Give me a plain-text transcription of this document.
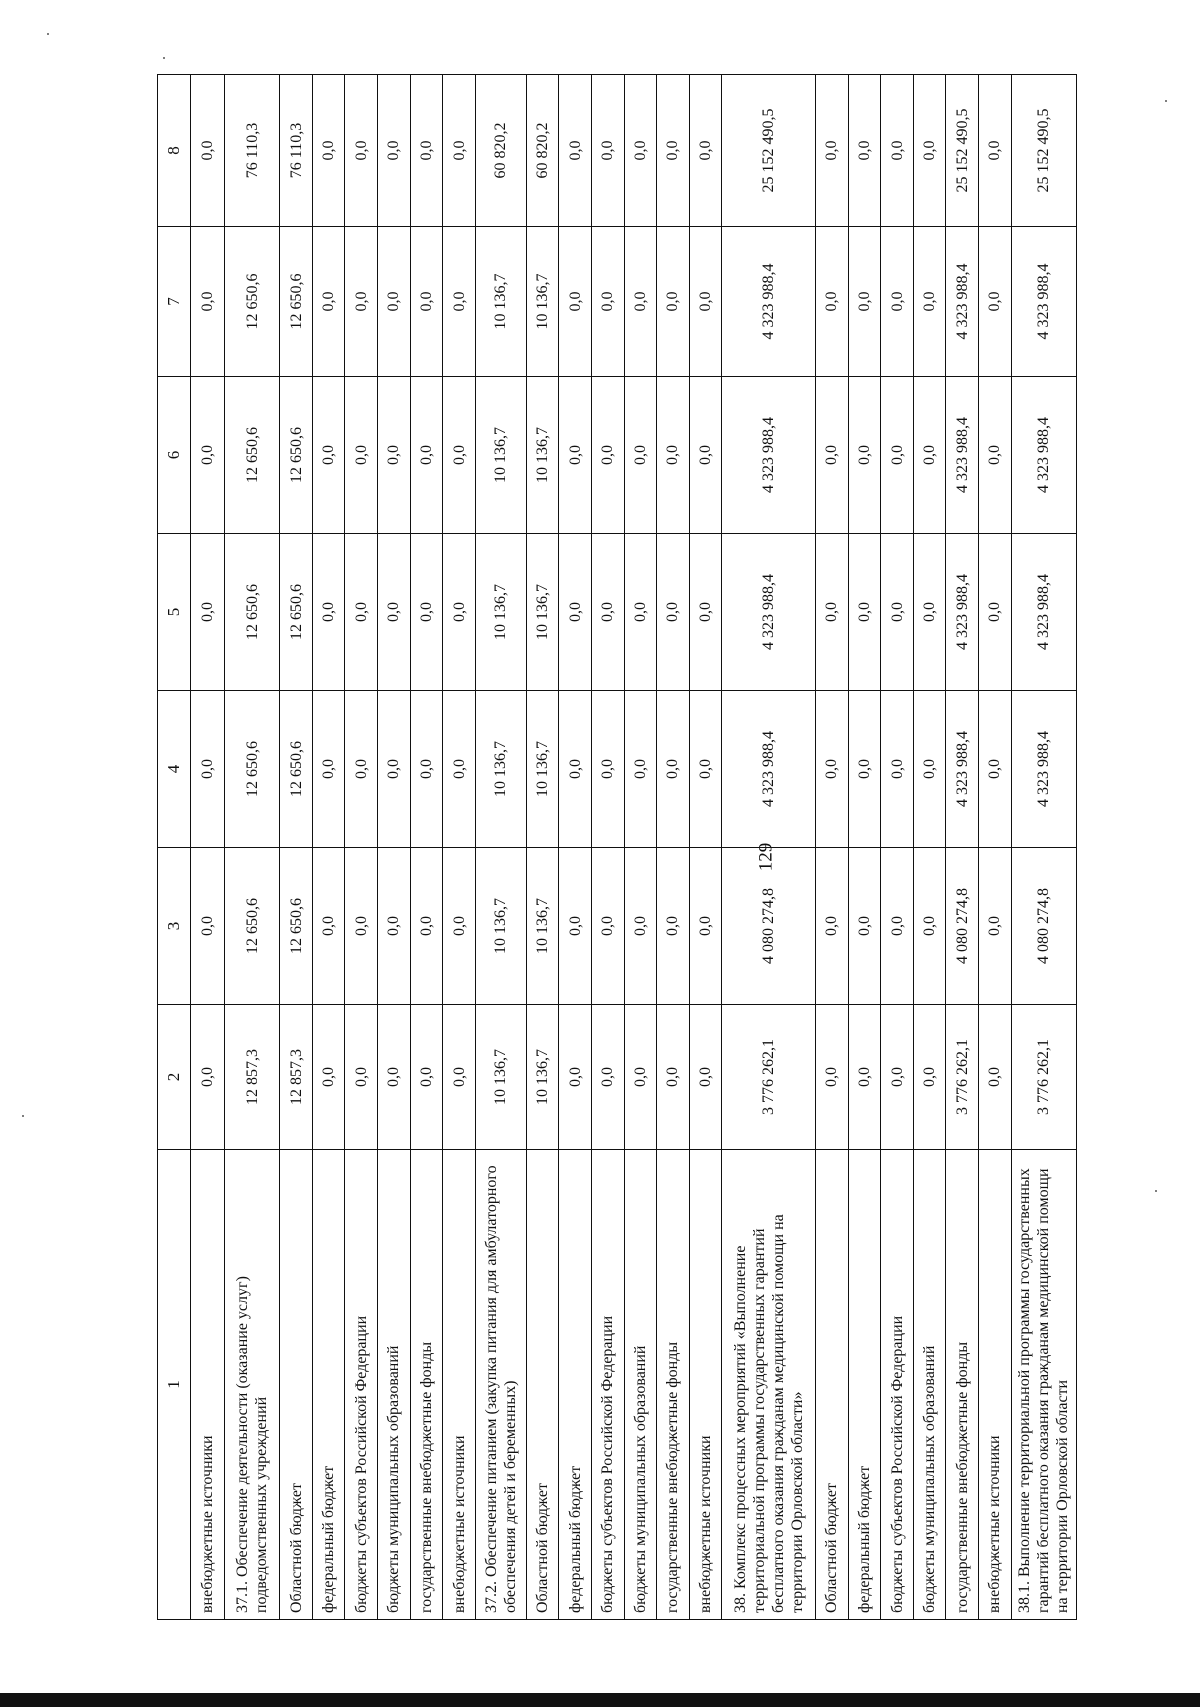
129
1	2	3	4	5	6	7	8
внебюджетные источники	0,0	0,0	0,0	0,0	0,0	0,0	0,0
37.1. Обеспечение деятельности (оказание услуг) подведомственных учреждений	12 857,3	12 650,6	12 650,6	12 650,6	12 650,6	12 650,6	76 110,3
Областной бюджет	12 857,3	12 650,6	12 650,6	12 650,6	12 650,6	12 650,6	76 110,3
федеральный бюджет	0,0	0,0	0,0	0,0	0,0	0,0	0,0
бюджеты субъектов Российской Федерации	0,0	0,0	0,0	0,0	0,0	0,0	0,0
бюджеты муниципальных образований	0,0	0,0	0,0	0,0	0,0	0,0	0,0
государственные внебюджетные фонды	0,0	0,0	0,0	0,0	0,0	0,0	0,0
внебюджетные источники	0,0	0,0	0,0	0,0	0,0	0,0	0,0
37.2. Обеспечение питанием (закупка питания для амбулаторного обеспечения детей и беременных)	10 136,7	10 136,7	10 136,7	10 136,7	10 136,7	10 136,7	60 820,2
Областной бюджет	10 136,7	10 136,7	10 136,7	10 136,7	10 136,7	10 136,7	60 820,2
федеральный бюджет	0,0	0,0	0,0	0,0	0,0	0,0	0,0
бюджеты субъектов Российской Федерации	0,0	0,0	0,0	0,0	0,0	0,0	0,0
бюджеты муниципальных образований	0,0	0,0	0,0	0,0	0,0	0,0	0,0
государственные внебюджетные фонды	0,0	0,0	0,0	0,0	0,0	0,0	0,0
внебюджетные источники	0,0	0,0	0,0	0,0	0,0	0,0	0,0
38. Комплекс процессных мероприятий «Выполнение территориальной программы государственных гарантий бесплатного оказания гражданам медицинской помощи на территории Орловской области»	3 776 262,1	4 080 274,8	4 323 988,4	4 323 988,4	4 323 988,4	4 323 988,4	25 152 490,5
Областной бюджет	0,0	0,0	0,0	0,0	0,0	0,0	0,0
федеральный бюджет	0,0	0,0	0,0	0,0	0,0	0,0	0,0
бюджеты субъектов Российской Федерации	0,0	0,0	0,0	0,0	0,0	0,0	0,0
бюджеты муниципальных образований	0,0	0,0	0,0	0,0	0,0	0,0	0,0
государственные внебюджетные фонды	3 776 262,1	4 080 274,8	4 323 988,4	4 323 988,4	4 323 988,4	4 323 988,4	25 152 490,5
внебюджетные источники	0,0	0,0	0,0	0,0	0,0	0,0	0,0
38.1. Выполнение территориальной программы государственных гарантий бесплатного оказания гражданам медицинской помощи на территории Орловской области	3 776 262,1	4 080 274,8	4 323 988,4	4 323 988,4	4 323 988,4	4 323 988,4	25 152 490,5
